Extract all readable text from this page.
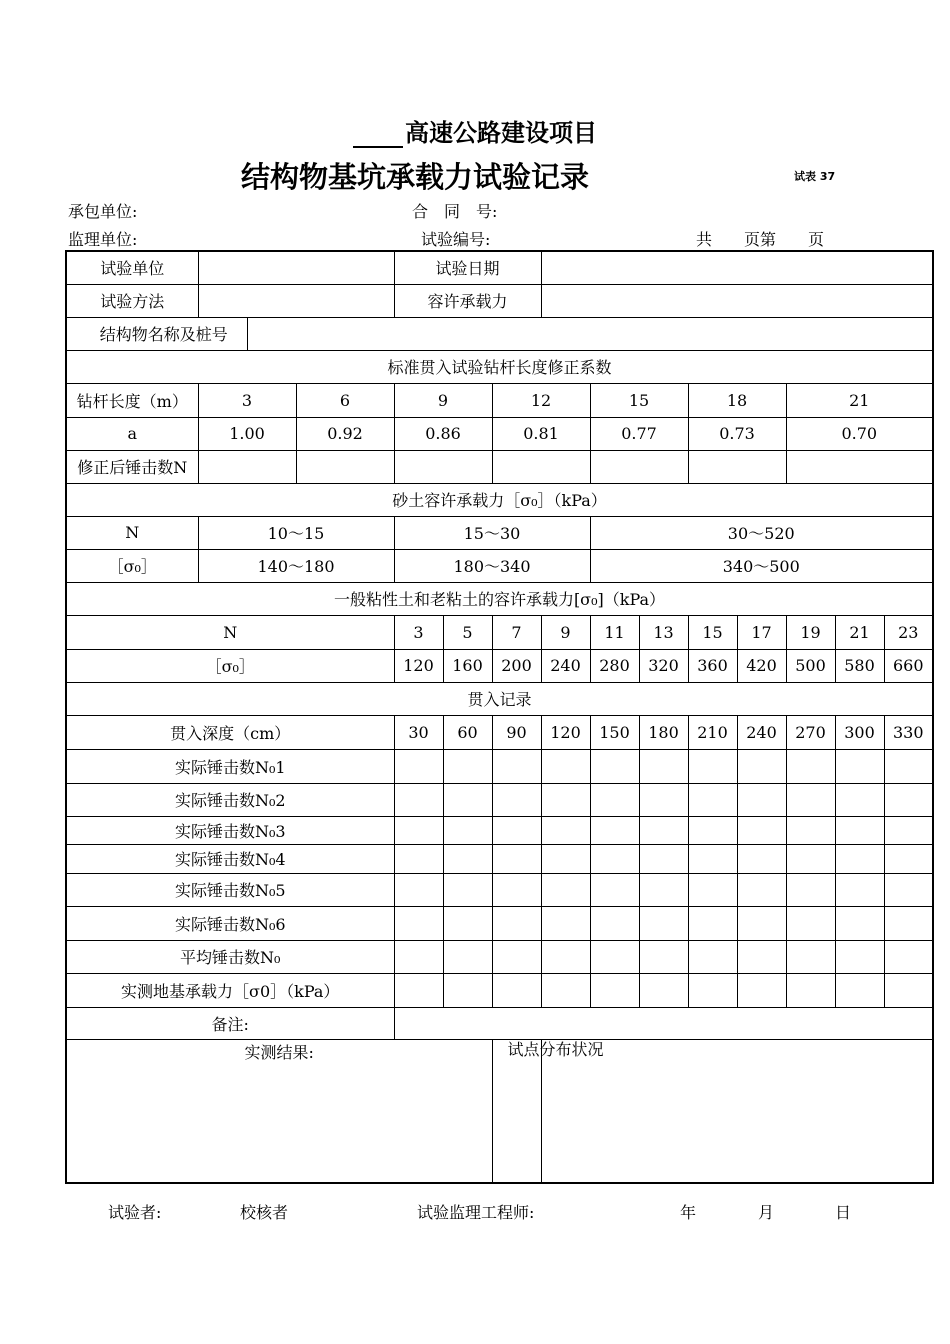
高速公路建设项目
结构物基坑承载力试验记录	试表 37
承包单位:	合　同　号:
监理单位:	试验编号:	共　　页第　　页
试验单位				试验日期										
试验方法				容许承载力										
结构物名称及桩号														
标准贯入试验钻杆长度修正系数														
钻杆长度（m）	3		6	9		12		15		18		21		
a	1.00		0.92	0.86		0.81		0.77		0.73		0.70		
修正后锤击数N														
砂土容许承载力［σ₀］（kPa）														
N	10～15			15～30				30～520						
［σ₀］	140～180			180～340				340～500						
一般粘性土和老粘土的容许承载力[σ₀]（kPa）														
N				3	5	7	9	11	13	15	17	19	21	23
［σ₀］				120	160	200	240	280	320	360	420	500	580	660
贯入记录														
贯入深度（cm）				30	60	90	120	150	180	210	240	270	300	330
实际锤击数N₀1														
实际锤击数N₀2														
实际锤击数N₀3														
实际锤击数N₀4														
实际锤击数N₀5														
实际锤击数N₀6														
平均锤击数N₀														
实测地基承载力［σ0］（kPa）														
备注:														
实测结果:						试点分布状况								

试验者:	校核者	试验监理工程师:	年	月	日
